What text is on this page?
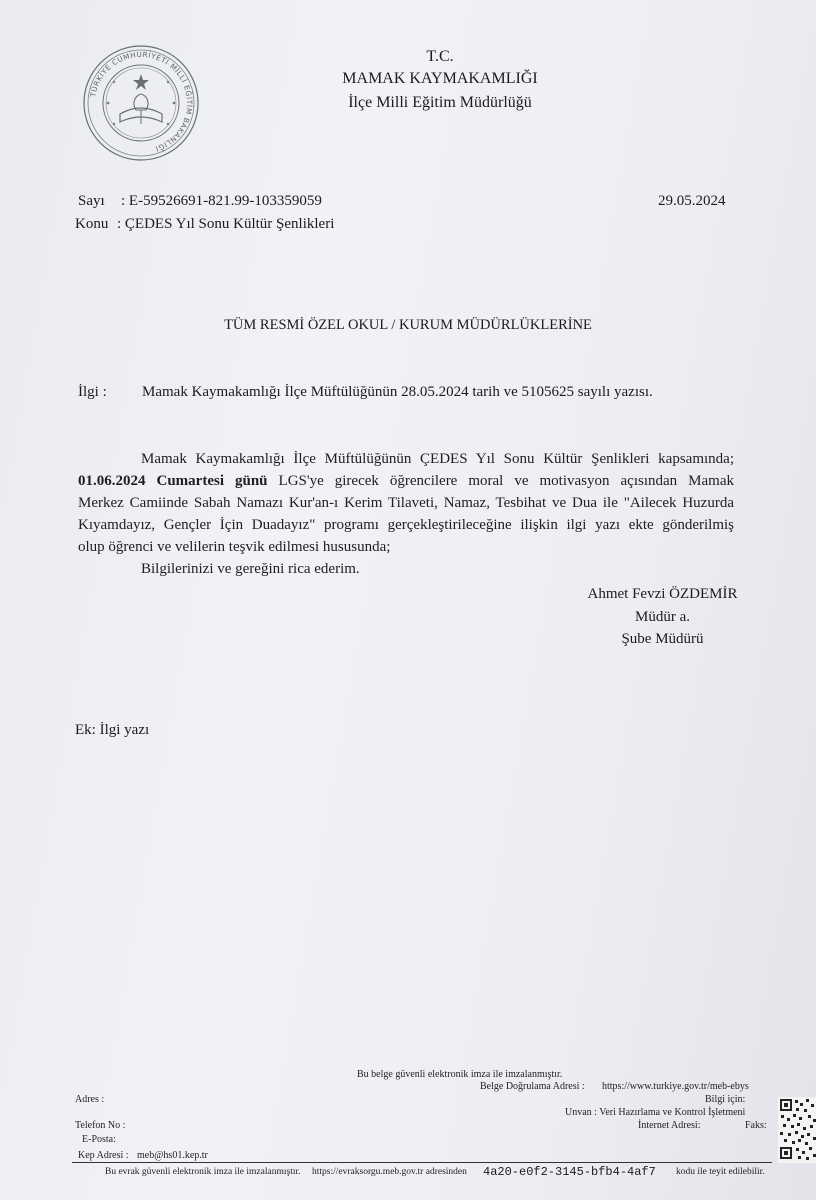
TÜRKİYE CUMHURİYETİ MİLLİ EĞİTİM BAKANLIĞI
T.C.
MAMAK KAYMAKAMLIĞI
İlçe Milli Eğitim Müdürlüğü
Sayı : E-59526691-821.99-103359059	29.05.2024
Konu : ÇEDES Yıl Sonu Kültür Şenlikleri
TÜM RESMİ ÖZEL OKUL / KURUM MÜDÜRLÜKLERİNE
İlgi : Mamak Kaymakamlığı İlçe Müftülüğünün 28.05.2024 tarih ve 5105625 sayılı yazısı.
Mamak Kaymakamlığı İlçe Müftülüğünün ÇEDES Yıl Sonu Kültür Şenlikleri kapsamında;
01.06.2024 Cumartesi günü LGS'ye girecek öğrencilere moral ve motivasyon açısından Mamak
Merkez Camiinde Sabah Namazı Kur'an-ı Kerim Tilaveti, Namaz, Tesbihat ve Dua ile "Ailecek Huzurda
Kıyamdayız, Gençler İçin Duadayız" programı gerçekleştirileceğine ilişkin ilgi yazı ekte gönderilmiş
olup öğrenci ve velilerin teşvik edilmesi hususunda;
Bilgilerinizi ve gereğini rica ederim.
Ahmet Fevzi ÖZDEMİR
Müdür a.
Şube Müdürü
Ek: İlgi yazı
Bu belge güvenli elektronik imza ile imzalanmıştır.
Belge Doğrulama Adresi : https://www.turkiye.gov.tr/meb-ebys
Bilgi için:
Adres :
Unvan : Veri Hazırlama ve Kontrol İşletmeni
Telefon No :	İnternet Adresi:	Faks:
E-Posta:
Kep Adresi : meb@hs01.kep.tr
Bu evrak güvenli elektronik imza ile imzalanmıştır. https://evraksorgu.meb.gov.tr adresinden 4a20-e0f2-3145-bfb4-4af7 kodu ile teyit edilebilir.
